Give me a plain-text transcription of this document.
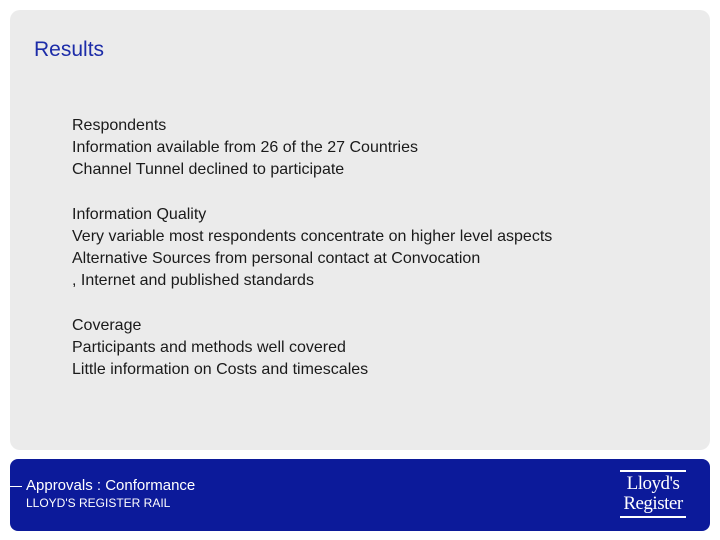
Results
Respondents
Information available from 26 of the 27 Countries
Channel Tunnel declined to participate
Information Quality
Very variable most respondents concentrate on higher level aspects
Alternative Sources from personal contact at Convocation
, Internet and published standards
Coverage
Participants and methods well covered
Little information on Costs and timescales
Approvals : Conformance
LLOYD'S REGISTER RAIL
Lloyd's
Register
